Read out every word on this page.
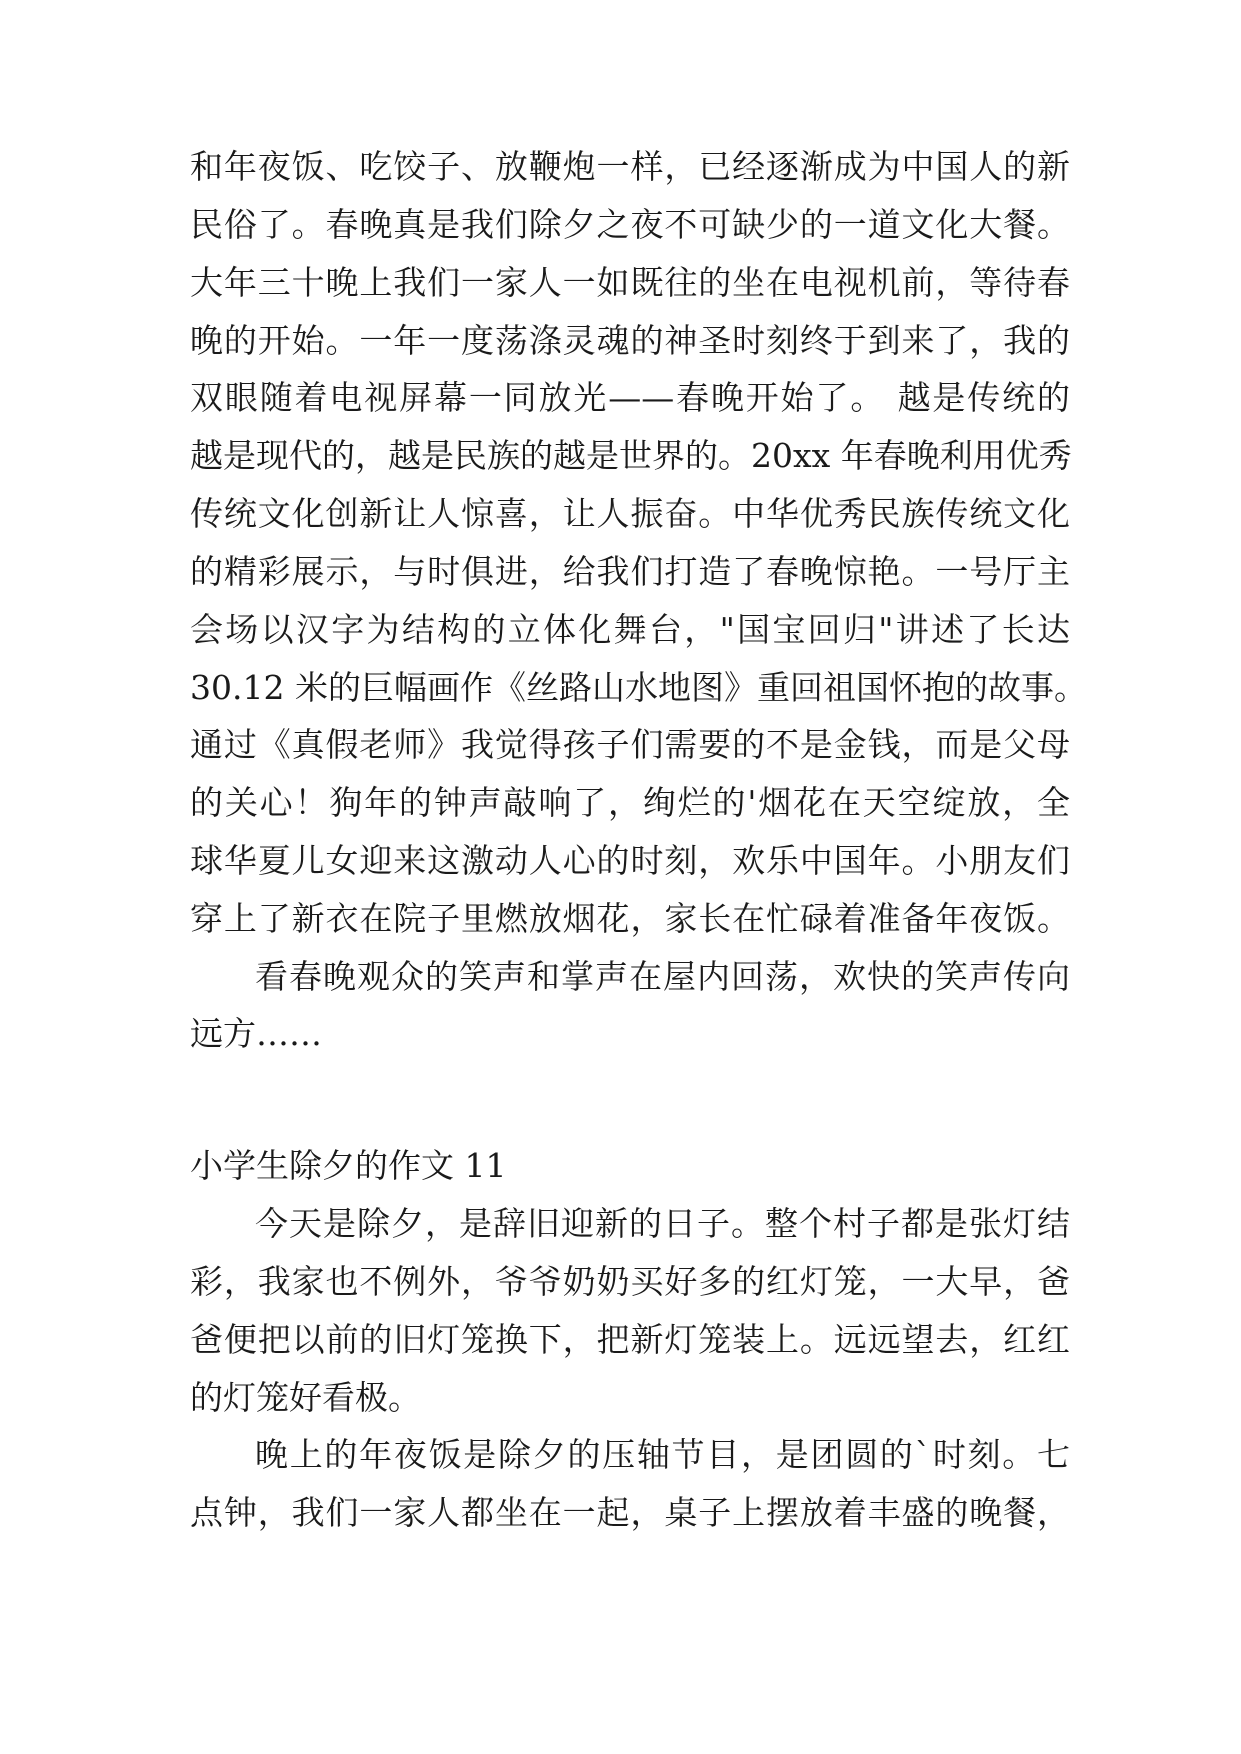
和年夜饭、吃饺子、放鞭炮一样，已经逐渐成为中国人的新
民俗了。春晚真是我们除夕之夜不可缺少的一道文化大餐。
大年三十晚上我们一家人一如既往的坐在电视机前，等待春
晚的开始。一年一度荡涤灵魂的神圣时刻终于到来了，我的
双眼随着电视屏幕一同放光——春晚开始了。 越是传统的
越是现代的，越是民族的越是世界的。20xx 年春晚利用优秀
传统文化创新让人惊喜，让人振奋。中华优秀民族传统文化
的精彩展示，与时俱进，给我们打造了春晚惊艳。一号厅主
会场以汉字为结构的立体化舞台，"国宝回归"讲述了长达
30.12 米的巨幅画作《丝路山水地图》重回祖国怀抱的故事。
通过《真假老师》我觉得孩子们需要的不是金钱，而是父母
的关心！狗年的钟声敲响了，绚烂的'烟花在天空绽放，全
球华夏儿女迎来这激动人心的时刻，欢乐中国年。小朋友们
穿上了新衣在院子里燃放烟花，家长在忙碌着准备年夜饭。
看春晚观众的笑声和掌声在屋内回荡，欢快的笑声传向
远方……
小学生除夕的作文 11
今天是除夕，是辞旧迎新的日子。整个村子都是张灯结
彩，我家也不例外，爷爷奶奶买好多的红灯笼，一大早，爸
爸便把以前的旧灯笼换下，把新灯笼装上。远远望去，红红
的灯笼好看极。
晚上的年夜饭是除夕的压轴节目，是团圆的`时刻。七
点钟，我们一家人都坐在一起，桌子上摆放着丰盛的晚餐，
